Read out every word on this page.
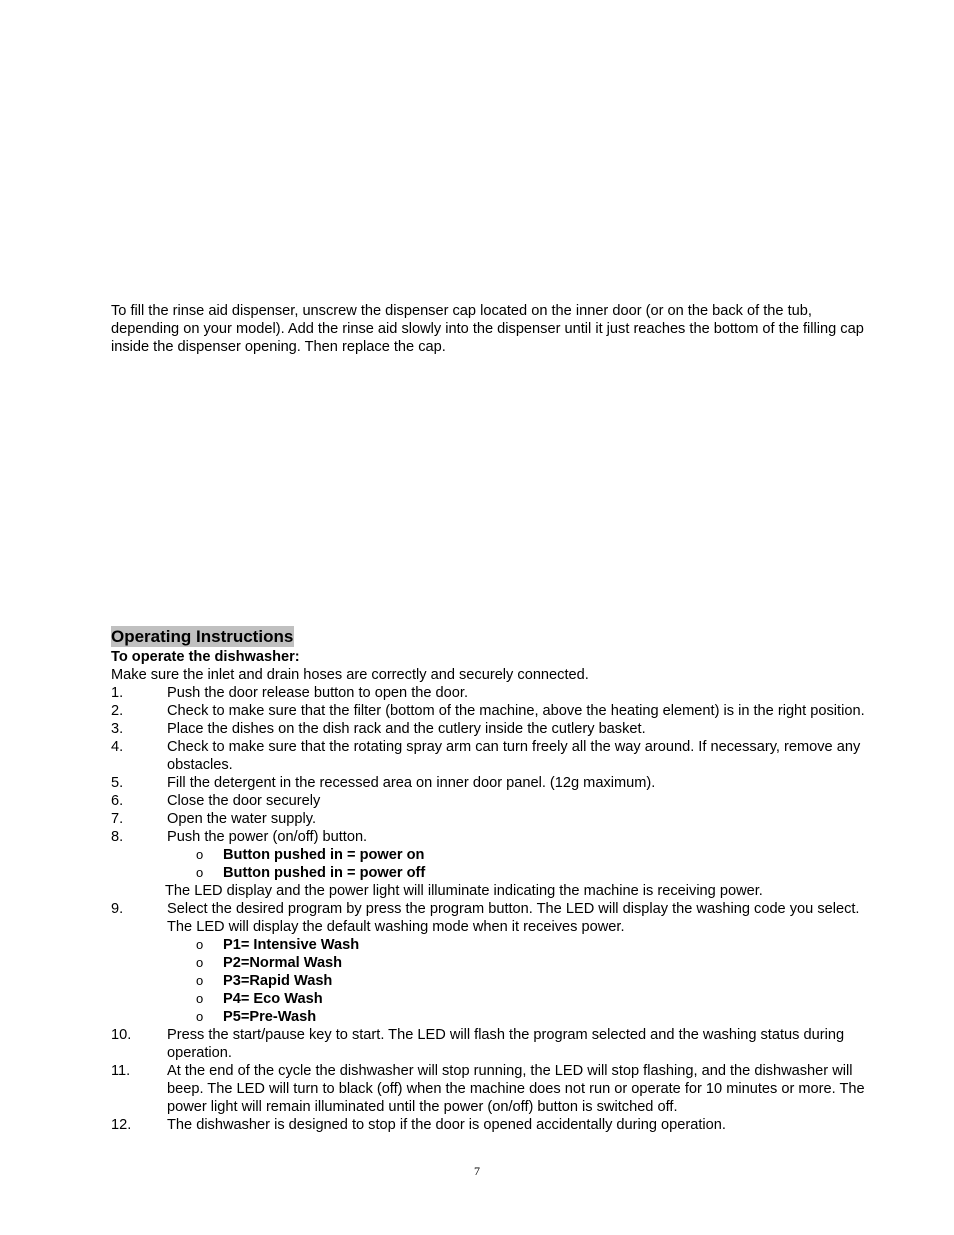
To fill the rinse aid dispenser, unscrew the dispenser cap located on the inner door (or on the back of the tub, depending on your model). Add the rinse aid slowly into the dispenser until it just reaches the bottom of the filling cap inside the dispenser opening. Then replace the cap.

Operating Instructions

To operate the dishwasher:

Make sure the inlet and drain hoses are correctly and securely connected.

1.	Push the door release button to open the door.
2.	Check to make sure that the filter (bottom of the machine, above the heating element) is in the right position.
3.	Place the dishes on the dish rack and the cutlery inside the cutlery basket.
4.	Check to make sure that the rotating spray arm can turn freely all the way around. If necessary, remove any obstacles.
5.	Fill the detergent in the recessed area on inner door panel. (12g maximum).
6.	Close the door securely
7.	Open the water supply.
8.	Push the power (on/off) button.
o	Button pushed in = power on
o	Button pushed in = power off
The LED display and the power light will illuminate indicating the machine is receiving power.
9.	Select the desired program by press the program button. The LED will display the washing code you select. The LED will display the default washing mode when it receives power.
o	P1= Intensive Wash
o	P2=Normal Wash
o	P3=Rapid Wash
o	P4= Eco Wash
o	P5=Pre-Wash
10.	Press the start/pause key to start. The LED will flash the program selected and the washing status during operation.
11.	At the end of the cycle the dishwasher will stop running, the LED will stop flashing, and the dishwasher will beep. The LED will turn to black (off) when the machine does not run or operate for 10 minutes or more. The power light will remain illuminated until the power (on/off) button is switched off.
12.	The dishwasher is designed to stop if the door is opened accidentally during operation.
7
